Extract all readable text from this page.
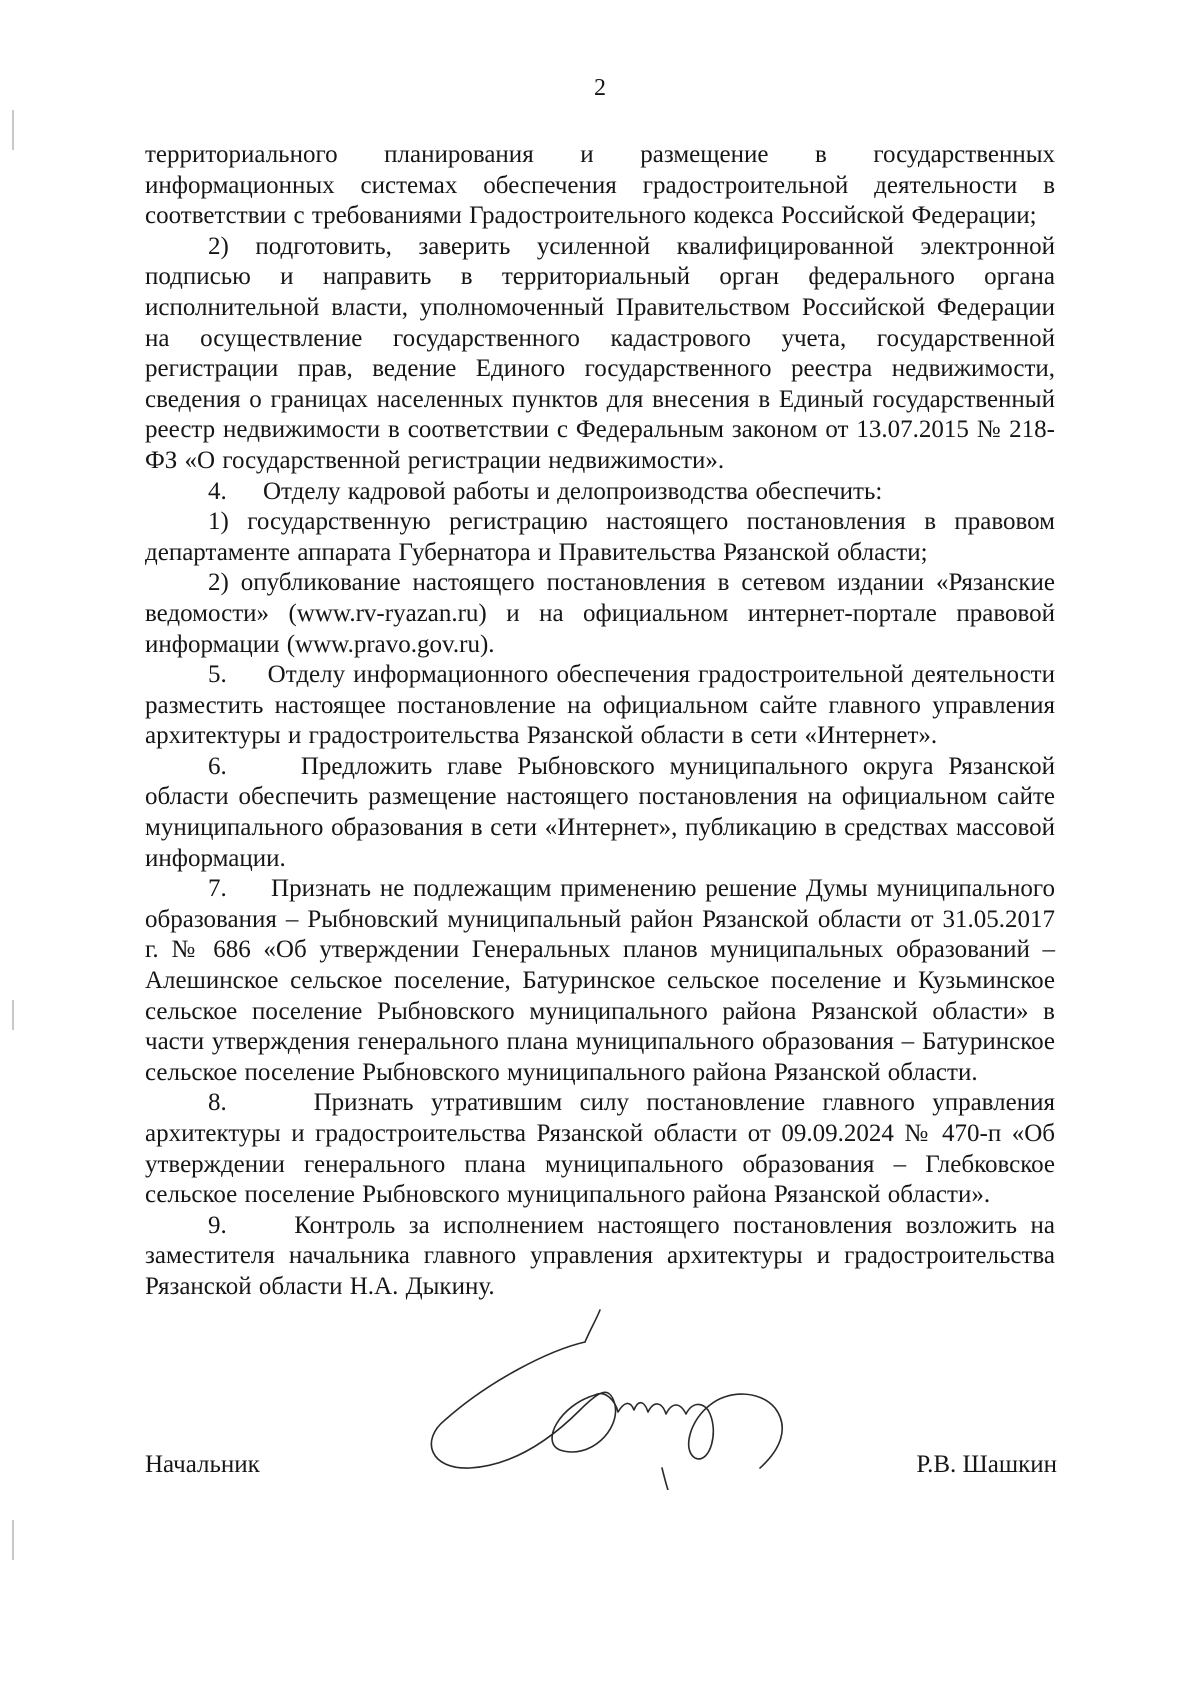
2

территориального планирования и размещение в государственных информационных системах обеспечения градостроительной деятельности в соответствии с требованиями Градостроительного кодекса Российской Федерации;

2) подготовить, заверить усиленной квалифицированной электронной подписью и направить в территориальный орган федерального органа исполнительной власти, уполномоченный Правительством Российской Федерации на осуществление государственного кадастрового учета, государственной регистрации прав, ведение Единого государственного реестра недвижимости, сведения о границах населенных пунктов для внесения в Единый государственный реестр недвижимости в соответствии с Федеральным законом от 13.07.2015 № 218-ФЗ «О государственной регистрации недвижимости».

4.     Отделу кадровой работы и делопроизводства обеспечить:

1) государственную регистрацию настоящего постановления в правовом департаменте аппарата Губернатора и Правительства Рязанской области;

2) опубликование настоящего постановления в сетевом издании «Рязанские ведомости» (www.rv-ryazan.ru) и на официальном интернет-портале правовой информации (www.pravo.gov.ru).

5.     Отделу информационного обеспечения градостроительной деятельности разместить настоящее постановление на официальном сайте главного управления архитектуры и градостроительства Рязанской области в сети «Интернет».

6.     Предложить главе Рыбновского муниципального округа Рязанской области обеспечить размещение настоящего постановления на официальном сайте муниципального образования в сети «Интернет», публикацию в средствах массовой информации.

7.     Признать не подлежащим применению решение Думы муниципального образования – Рыбновский муниципальный район Рязанской области от 31.05.2017 г. № 686 «Об утверждении Генеральных планов муниципальных образований – Алешинское сельское поселение, Батуринское сельское поселение и Кузьминское сельское поселение Рыбновского муниципального района Рязанской области» в части утверждения генерального плана муниципального образования – Батуринское сельское поселение Рыбновского муниципального района Рязанской области.

8.     Признать утратившим силу постановление главного управления архитектуры и градостроительства Рязанской области от 09.09.2024 № 470-п «Об утверждении генерального плана муниципального образования – Глебковское сельское поселение Рыбновского муниципального района Рязанской области».

9.     Контроль за исполнением настоящего постановления возложить на заместителя начальника главного управления архитектуры и градостроительства Рязанской области Н.А. Дыкину.

Начальник	Р.В. Шашкин
